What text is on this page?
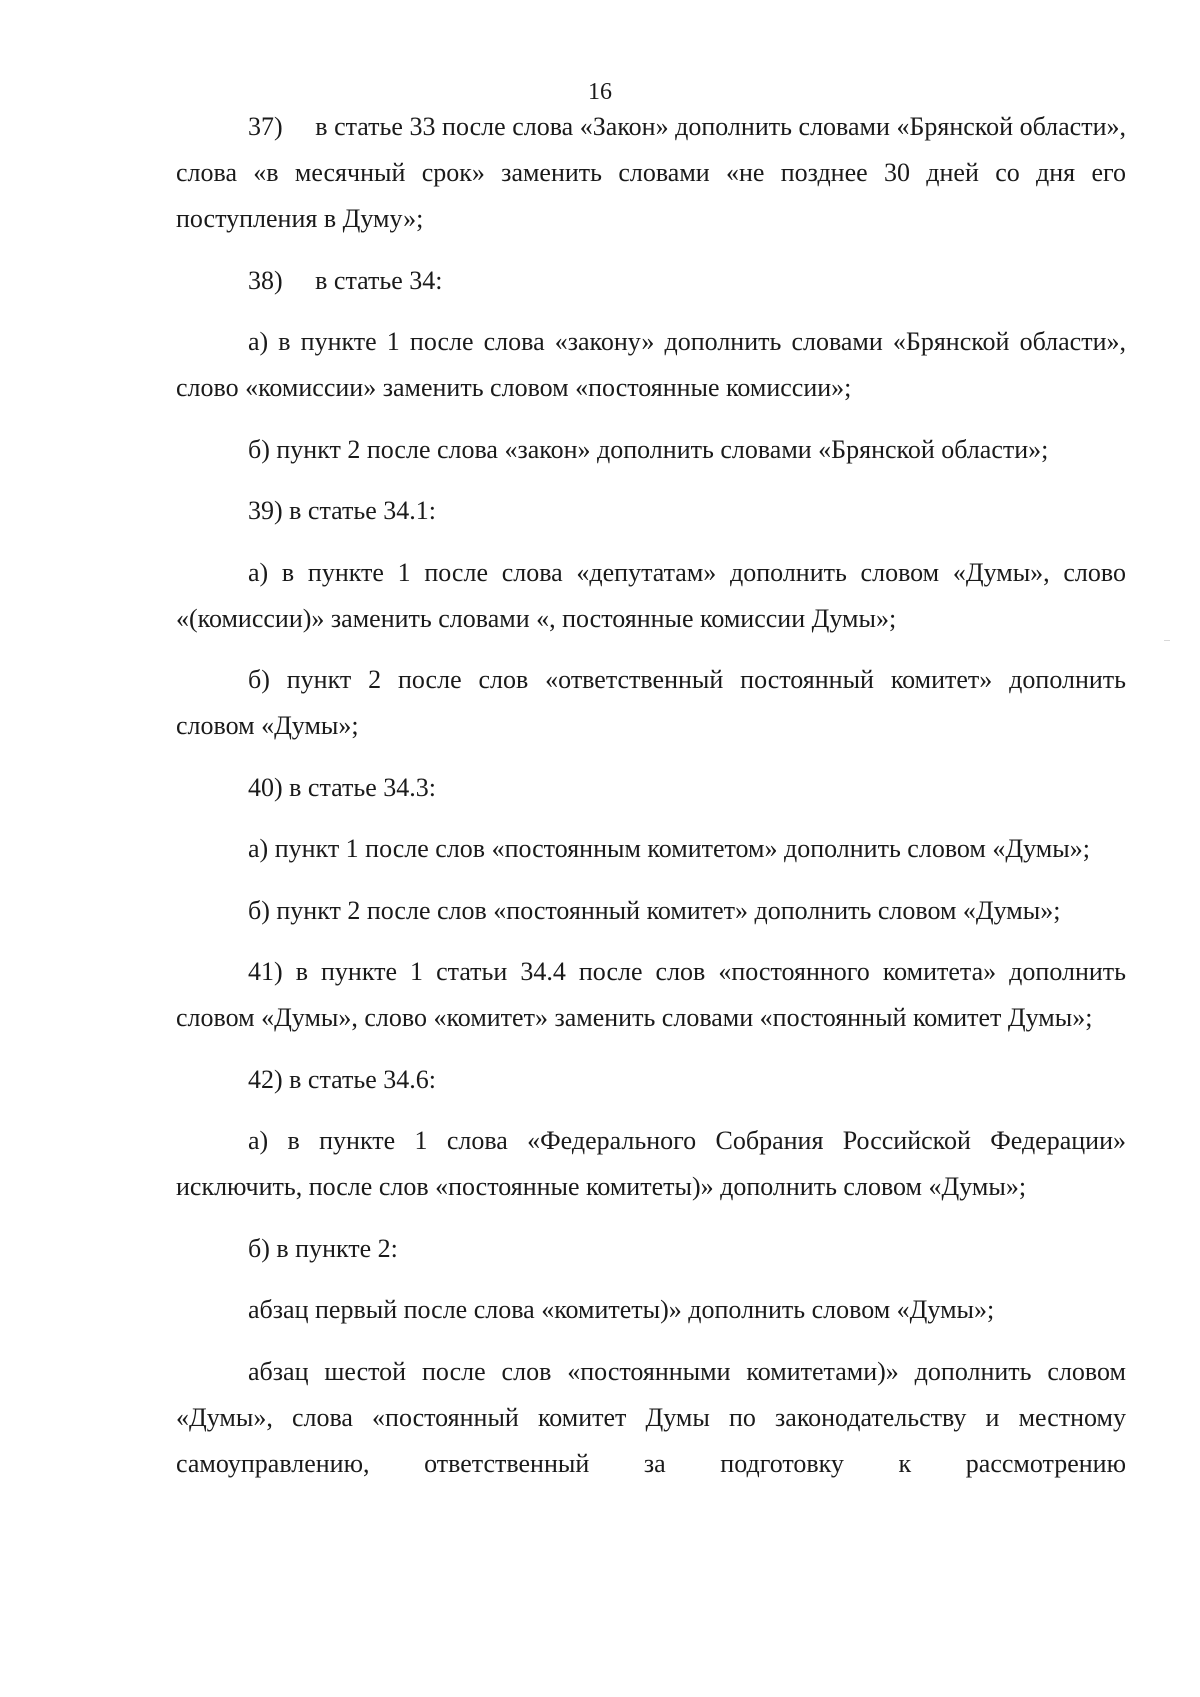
16

37)  в статье 33 после слова «Закон» дополнить словами «Брянской области», слова «в месячный срок» заменить словами «не позднее 30 дней со дня его поступления в Думу»;

38)  в статье 34:

а) в пункте 1 после слова «закону» дополнить словами «Брянской области», слово «комиссии» заменить словом «постоянные комиссии»;

б) пункт 2 после слова «закон» дополнить словами «Брянской области»;

39) в статье 34.1:

а) в пункте 1 после слова «депутатам» дополнить словом «Думы», слово «(комиссии)» заменить словами «, постоянные комиссии Думы»;

б) пункт 2 после слов «ответственный постоянный комитет» дополнить словом «Думы»;

40) в статье 34.3:

а) пункт 1 после слов «постоянным комитетом» дополнить словом «Думы»;

б) пункт 2 после слов «постоянный комитет» дополнить словом «Думы»;

41) в пункте 1 статьи 34.4 после слов «постоянного комитета» дополнить словом «Думы», слово «комитет» заменить словами «постоянный комитет Думы»;

42) в статье 34.6:

а) в пункте 1 слова «Федерального Собрания Российской Федерации» исключить, после слов «постоянные комитеты)» дополнить словом «Думы»;

б) в пункте 2:

абзац первый после слова «комитеты)» дополнить словом «Думы»;

абзац шестой после слов «постоянными комитетами)» дополнить словом «Думы», слова «постоянный комитет Думы по законодательству и местному самоуправлению, ответственный за подготовку к рассмотрению
